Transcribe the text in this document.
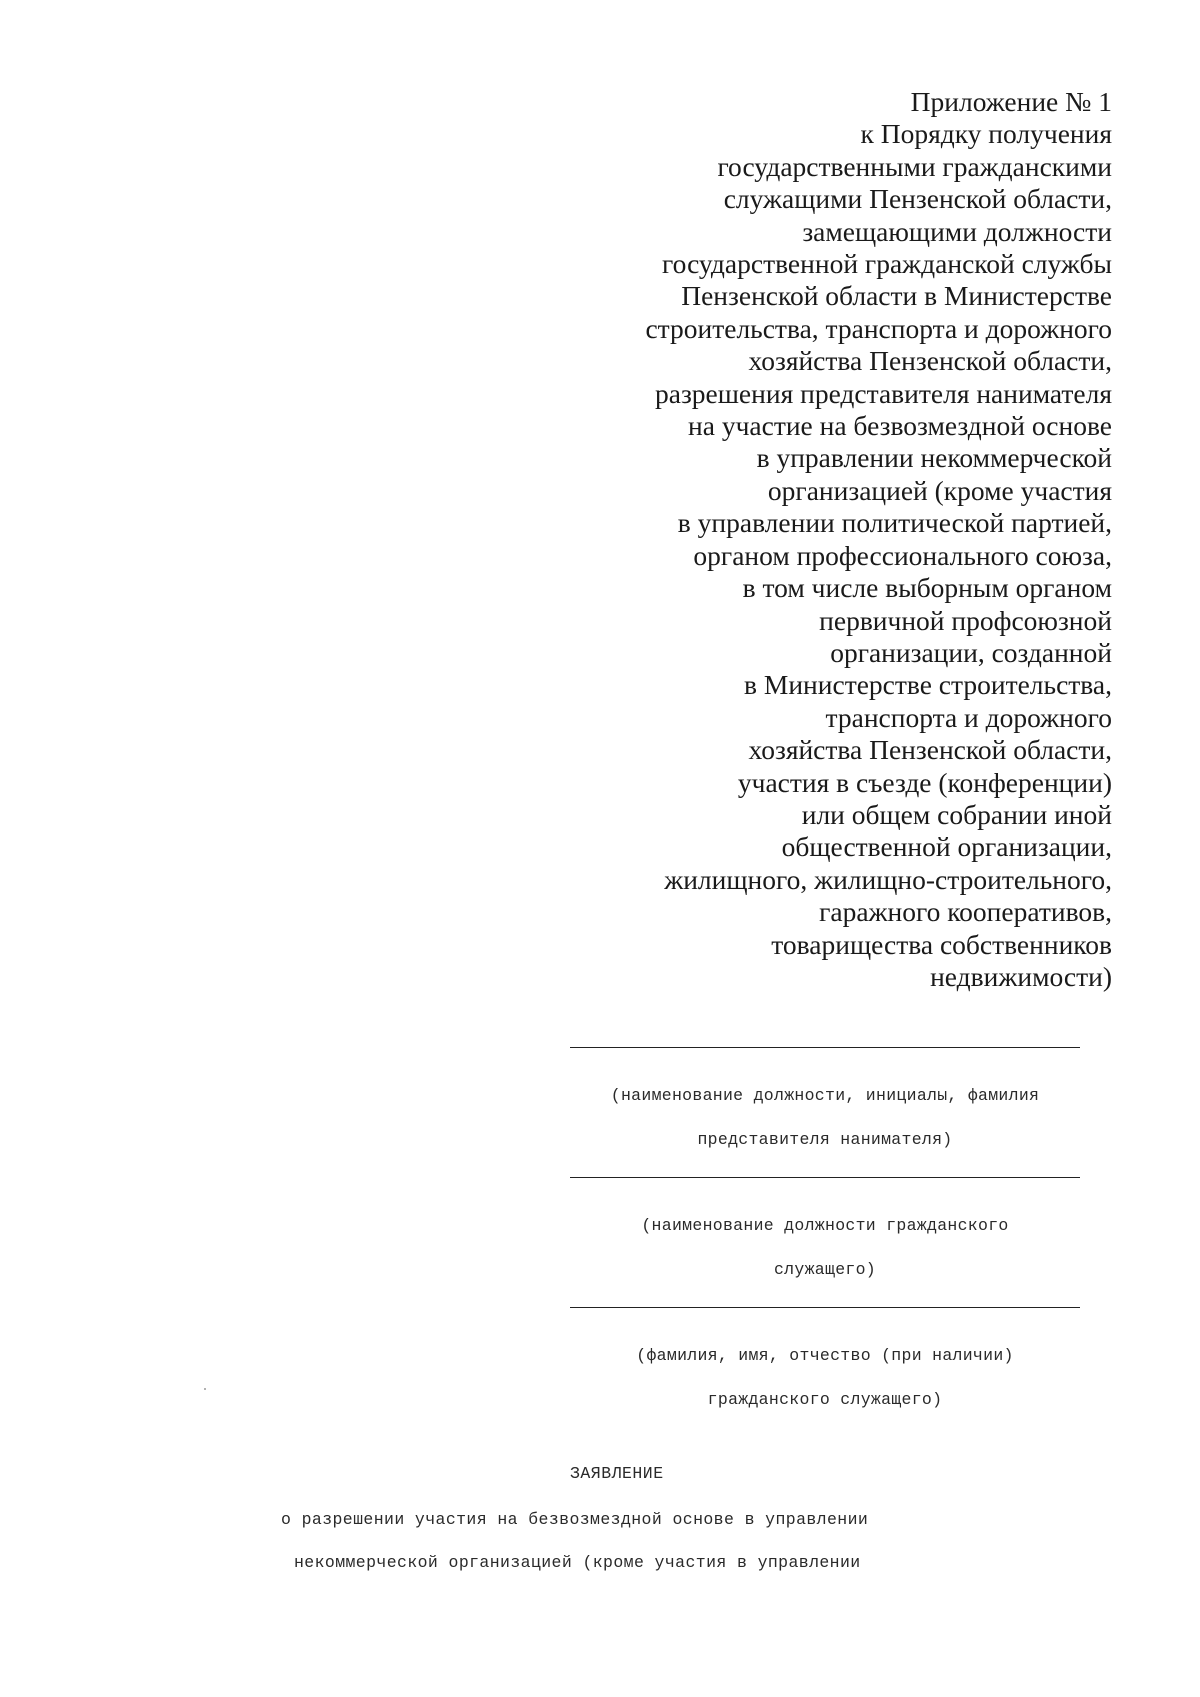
Приложение № 1
к Порядку получения
государственными гражданскими
служащими Пензенской области,
замещающими должности
государственной гражданской службы
Пензенской области в Министерстве
строительства, транспорта и дорожного
хозяйства Пензенской области,
разрешения представителя нанимателя
на участие на безвозмездной основе
в управлении некоммерческой
организацией (кроме участия
в управлении политической партией,
органом профессионального союза,
в том числе выборным органом
первичной профсоюзной
организации, созданной
в Министерстве строительства,
транспорта и дорожного
хозяйства Пензенской области,
участия в съезде (конференции)
или общем собрании иной
общественной организации,
жилищного, жилищно-строительного,
гаражного кооперативов,
товарищества собственников
недвижимости)
(наименование должности, инициалы, фамилия
представителя нанимателя)
(наименование должности гражданского
служащего)
(фамилия, имя, отчество (при наличии)
гражданского служащего)
ЗАЯВЛЕНИЕ
о разрешении участия на безвозмездной основе в управлении
некоммерческой организацией (кроме участия в управлении
